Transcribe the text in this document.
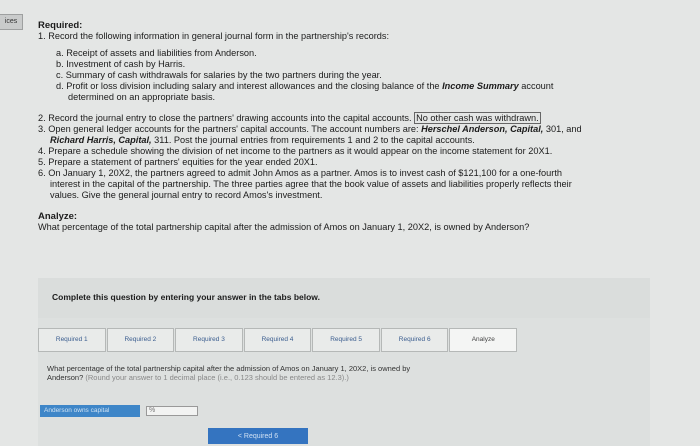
ices	Required:

1. Record the following information in general journal form in the partnership's records:

a. Receipt of assets and liabilities from Anderson.

b. Investment of cash by Harris.

c. Summary of cash withdrawals for salaries by the two partners during the year.

d. Profit or loss division including salary and interest allowances and the closing balance of the Income Summary account

determined on an appropriate basis.

2. Record the journal entry to close the partners' drawing accounts into the capital accounts. No other cash was withdrawn.

3. Open general ledger accounts for the partners' capital accounts. The account numbers are: Herschel Anderson, Capital, 301, and

Richard Harris, Capital, 311. Post the journal entries from requirements 1 and 2 to the capital accounts.

4. Prepare a schedule showing the division of net income to the partners as it would appear on the income statement for 20X1.

5. Prepare a statement of partners' equities for the year ended 20X1.

6. On January 1, 20X2, the partners agreed to admit John Amos as a partner. Amos is to invest cash of $121,100 for a one-fourth

interest in the capital of the partnership. The three parties agree that the book value of assets and liabilities properly reflects their

values. Give the general journal entry to record Amos's investment.

Analyze:

What percentage of the total partnership capital after the admission of Amos on January 1, 20X2, is owned by Anderson?

Complete this question by entering your answer in the tabs below.
Required 1	Required 2	Required 3	Required 4	Required 5	Required 6	Analyze
What percentage of the total partnership capital after the admission of Amos on January 1, 20X2, is owned by
Anderson? (Round your answer to 1 decimal place (i.e., 0.123 should be entered as 12.3).)
Anderson owns capital	%
< Required 6
